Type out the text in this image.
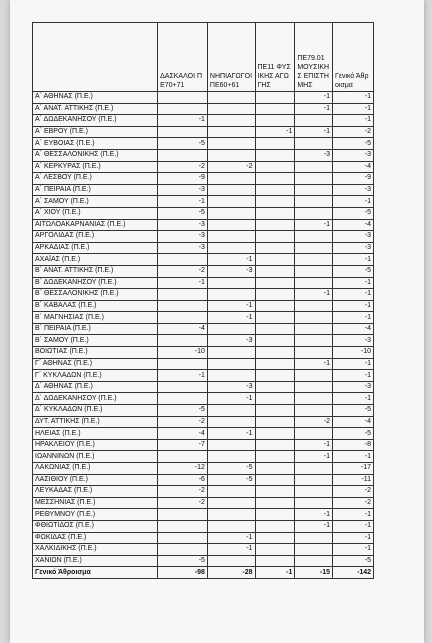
	ΔΑΣΚΑΛΟΙ ΠΕ70+71	ΝΗΠΙΑΓΩΓΟΙ ΠΕ60+61	ΠΕ11 ΦΥΣΙΚΗΣ ΑΓΩΓΗΣ	ΠΕ79.01 ΜΟΥΣΙΚΗΣ ΕΠΙΣΤΗΜΗΣ	Γενικό Άθροισμα
Α΄ ΑΘΗΝΑΣ (Π.Ε.)				-1	-1
Α΄ ΑΝΑΤ. ΑΤΤΙΚΗΣ (Π.Ε.)				-1	-1
Α΄ ΔΩΔΕΚΑΝΗΣΟΥ (Π.Ε.)	-1				-1
Α΄ ΕΒΡΟΥ (Π.Ε.)			-1	-1	-2
Α΄ ΕΥΒΟΙΑΣ (Π.Ε.)	-5				-5
Α΄ ΘΕΣΣΑΛΟΝΙΚΗΣ (Π.Ε.)				-3	-3
Α΄ ΚΕΡΚΥΡΑΣ (Π.Ε.)	-2	-2			-4
Α΄ ΛΕΣΒΟΥ (Π.Ε.)	-9				-9
Α΄ ΠΕΙΡΑΙΑ (Π.Ε.)	-3				-3
Α΄ ΣΑΜΟΥ (Π.Ε.)	-1				-1
Α΄ ΧΙΟΥ (Π.Ε.)	-5				-5
ΑΙΤΩΛΟΑΚΑΡΝΑΝΙΑΣ (Π.Ε.)	-3			-1	-4
ΑΡΓΟΛΙΔΑΣ (Π.Ε.)	-3				-3
ΑΡΚΑΔΙΑΣ (Π.Ε.)	-3				-3
ΑΧΑΪΑΣ (Π.Ε.)		-1			-1
Β΄ ΑΝΑΤ. ΑΤΤΙΚΗΣ (Π.Ε.)	-2	-3			-5
Β΄ ΔΩΔΕΚΑΝΗΣΟΥ (Π.Ε.)	-1				-1
Β΄ ΘΕΣΣΑΛΟΝΙΚΗΣ (Π.Ε.)				-1	-1
Β΄ ΚΑΒΑΛΑΣ (Π.Ε.)		-1			-1
Β΄ ΜΑΓΝΗΣΙΑΣ (Π.Ε.)		-1			-1
Β΄ ΠΕΙΡΑΙΑ (Π.Ε.)	-4				-4
Β΄ ΣΑΜΟΥ (Π.Ε.)		-3			-3
ΒΟΙΩΤΙΑΣ (Π.Ε.)	-10				-10
Γ΄ ΑΘΗΝΑΣ (Π.Ε.)				-1	-1
Γ΄ ΚΥΚΛΑΔΩΝ (Π.Ε.)	-1				-1
Δ΄ ΑΘΗΝΑΣ (Π.Ε.)		-3			-3
Δ΄ ΔΩΔΕΚΑΝΗΣΟΥ (Π.Ε.)		-1			-1
Δ΄ ΚΥΚΛΑΔΩΝ (Π.Ε.)	-5				-5
ΔΥΤ. ΑΤΤΙΚΗΣ (Π.Ε.)	-2			-2	-4
ΗΛΕΙΑΣ (Π.Ε.)	-4	-1			-5
ΗΡΑΚΛΕΙΟΥ (Π.Ε.)	-7			-1	-8
ΙΩΑΝΝΙΝΩΝ (Π.Ε.)				-1	-1
ΛΑΚΩΝΙΑΣ (Π.Ε.)	-12	-5			-17
ΛΑΣΙΘΙΟΥ (Π.Ε.)	-6	-5			-11
ΛΕΥΚΑΔΑΣ (Π.Ε.)	-2				-2
ΜΕΣΣΗΝΙΑΣ (Π.Ε.)	-2				-2
ΡΕΘΥΜΝΟΥ (Π.Ε.)				-1	-1
ΦΘΙΩΤΙΔΟΣ (Π.Ε.)				-1	-1
ΦΩΚΙΔΑΣ (Π.Ε.)		-1			-1
ΧΑΛΚΙΔΙΚΗΣ (Π.Ε.)		-1			-1
ΧΑΝΙΩΝ (Π.Ε.)	-5				-5
Γενικό Άθροισμα	-98	-28	-1	-15	-142
